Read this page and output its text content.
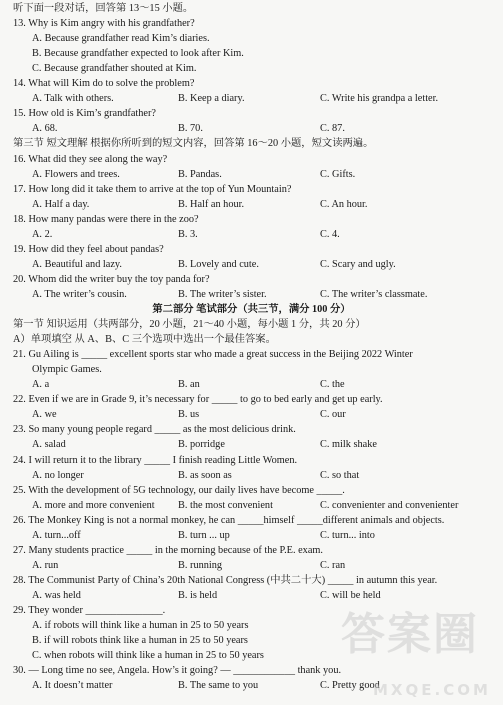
听下面一段对话，回答第 13～15 小题。
13. Why is Kim angry with his grandfather?
A. Because grandfather read Kim’s diaries.
B. Because grandfather expected to look after Kim.
C. Because grandfather shouted at Kim.
14. What will Kim do to solve the problem?
A. Talk with others.	B. Keep a diary.	C. Write his grandpa a letter.
15. How old is Kim’s grandfather?
A. 68.	B. 70.	C. 87.
第三节 短文理解 根据你所听到的短文内容，回答第 16～20 小题，短文读两遍。
16. What did they see along the way?
A. Flowers and trees.	B. Pandas.	C. Gifts.
17. How long did it take them to arrive at the top of Yun Mountain?
A. Half a day.	B. Half an hour.	C. An hour.
18. How many pandas were there in the zoo?
A. 2.	B. 3.	C. 4.
19. How did they feel about pandas?
A. Beautiful and lazy.	B. Lovely and cute.	C. Scary and ugly.
20. Whom did the writer buy the toy panda for?
A. The writer’s cousin.	B. The writer’s sister.	C. The writer’s classmate.
第二部分 笔试部分（共三节，满分 100 分）
第一节 知识运用（共两部分，20 小题，21～40 小题，每小题 1 分，共 20 分）
A）单项填空 从 A、B、C 三个选项中选出一个最佳答案。
21. Gu Ailing is _____ excellent sports star who made a great success in the Beijing 2022 Winter
Olympic Games.
A. a	B. an	C. the
22. Even if we are in Grade 9, it’s necessary for _____ to go to bed early and get up early.
A. we	B. us	C. our
23. So many young people regard _____ as the most delicious drink.
A. salad	B. porridge	C. milk shake
24. I will return it to the library _____ I finish reading Little Women.
A. no longer	B. as soon as	C. so that
25. With the development of 5G technology, our daily lives have become _____.
A. more and more convenient B. the most convenient	C. convenienter and convenienter
26. The Monkey King is not a normal monkey, he can _____himself _____different animals and objects.
A. turn...off	B. turn ... up	C. turn... into
27. Many students practice _____ in the morning because of the P.E. exam.
A. run	B. running	C. ran
28. The Communist Party of China’s 20th National Congress (中共二十大) _____ in autumn this year.
A. was held	B. is held	C. will be held
29. They wonder _______________.
A. if robots will think like a human in 25 to 50 years
B. if will robots think like a human in 25 to 50 years
C. when robots will think like a human in 25 to 50 years
30. — Long time no see, Angela. How’s it going? — ____________ thank you.
A. It doesn’t matter	B. The same to you	C. Pretty good
答案圈
MXQE.COM
